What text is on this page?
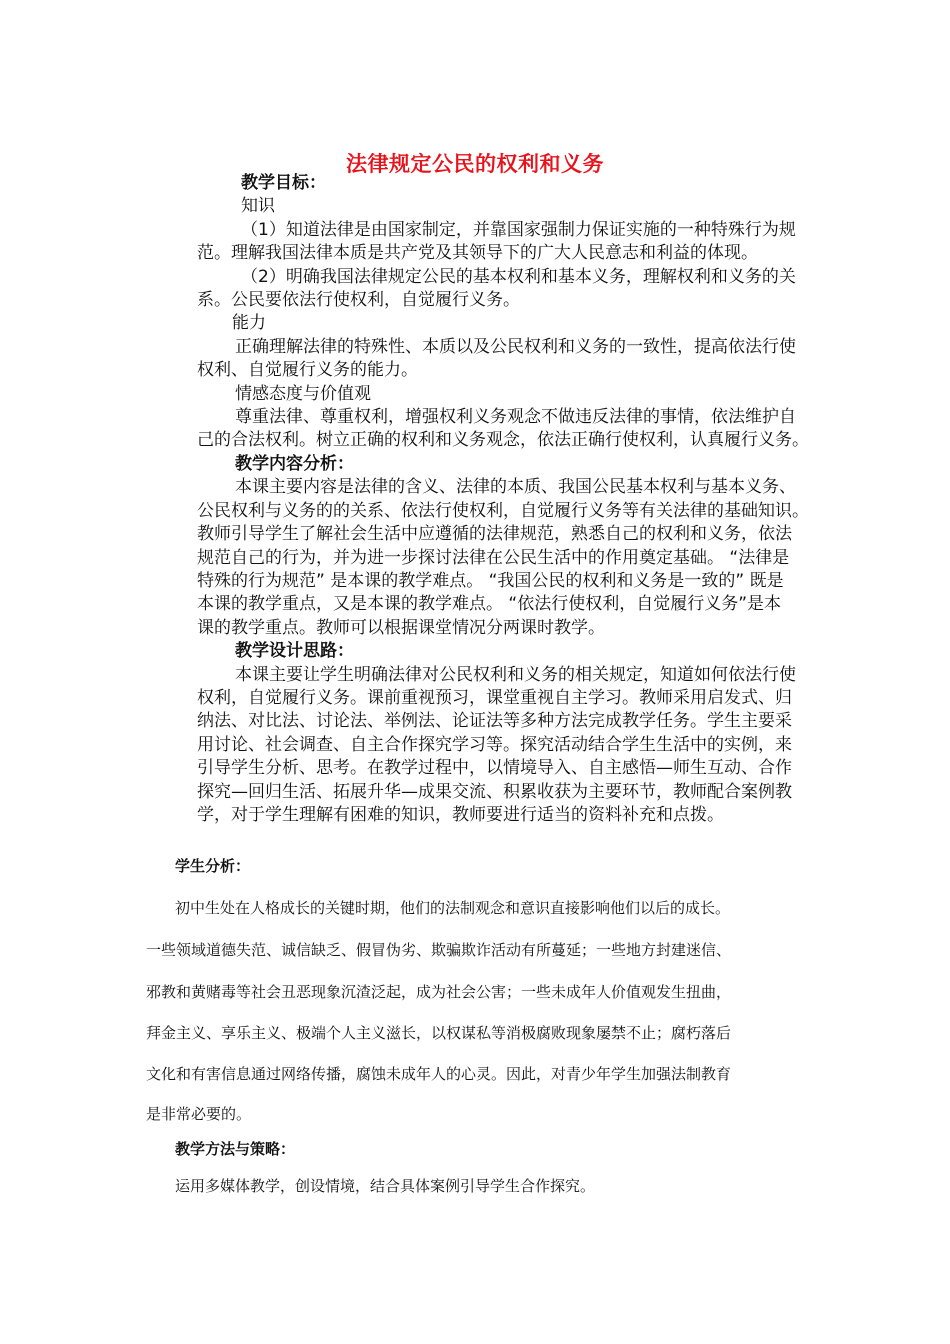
法律规定公民的权利和义务
教学目标：
知识
（1）知道法律是由国家制定，并靠国家强制力保证实施的一种特殊行为规
范。理解我国法律本质是共产党及其领导下的广大人民意志和利益的体现。
（2）明确我国法律规定公民的基本权利和基本义务，理解权利和义务的关
系。公民要依法行使权利，自觉履行义务。
能力
正确理解法律的特殊性、本质以及公民权利和义务的一致性，提高依法行使
权利、自觉履行义务的能力。
情感态度与价值观
尊重法律、尊重权利，增强权利义务观念不做违反法律的事情，依法维护自
己的合法权利。树立正确的权利和义务观念，依法正确行使权利，认真履行义务。
教学内容分析：
本课主要内容是法律的含义、法律的本质、我国公民基本权利与基本义务、
公民权利与义务的的关系、依法行使权利，自觉履行义务等有关法律的基础知识。
教师引导学生了解社会生活中应遵循的法律规范，熟悉自己的权利和义务，依法
规范自己的行为，并为进一步探讨法律在公民生活中的作用奠定基础。 “法律是
特殊的行为规范” 是本课的教学难点。 “我国公民的权利和义务是一致的” 既是
本课的教学重点，又是本课的教学难点。 “依法行使权利，自觉履行义务”是本
课的教学重点。教师可以根据课堂情况分两课时教学。
教学设计思路：
本课主要让学生明确法律对公民权利和义务的相关规定，知道如何依法行使
权利，自觉履行义务。课前重视预习，课堂重视自主学习。教师采用启发式、归
纳法、对比法、讨论法、举例法、论证法等多种方法完成教学任务。学生主要采
用讨论、社会调查、自主合作探究学习等。探究活动结合学生生活中的实例，来
引导学生分析、思考。在教学过程中，以情境导入、自主感悟—师生互动、合作
探究—回归生活、拓展升华—成果交流、积累收获为主要环节，教师配合案例教
学，对于学生理解有困难的知识，教师要进行适当的资料补充和点拨。
学生分析：
初中生处在人格成长的关键时期，他们的法制观念和意识直接影响他们以后的成长。
一些领域道德失范、诚信缺乏、假冒伪劣、欺骗欺诈活动有所蔓延；一些地方封建迷信、
邪教和黄赌毒等社会丑恶现象沉渣泛起，成为社会公害；一些未成年人价值观发生扭曲，
拜金主义、享乐主义、极端个人主义滋长，以权谋私等消极腐败现象屡禁不止；腐朽落后
文化和有害信息通过网络传播，腐蚀未成年人的心灵。因此，对青少年学生加强法制教育
是非常必要的。
教学方法与策略：
运用多媒体教学，创设情境，结合具体案例引导学生合作探究。
